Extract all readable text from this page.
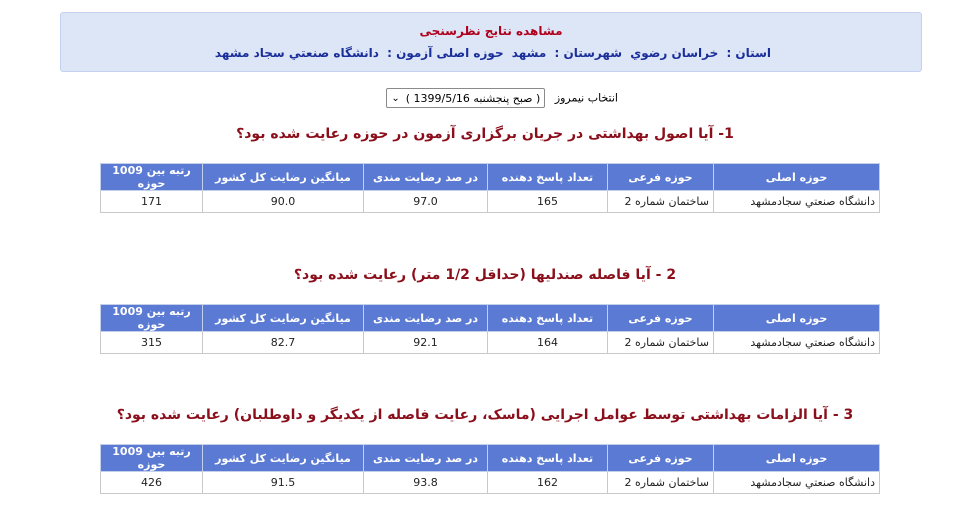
مشاهده نتايج نظرسنجی
استان : خراسان رضوي شهرستان : مشهد حوزه اصلی آزمون : دانشگاه صنعتي سجاد مشهد
انتخاب نیمروز
( صبح پنجشنبه 1399/5/16 )
⌄
1- آیا اصول بهداشتی در جریان برگزاری آزمون در حوزه رعایت شده بود؟
حوزه اصلی	حوزه فرعی	تعداد پاسخ دهنده	در صد رضایت مندی	میانگین رضایت کل کشور	رتبه بین 1009 حوزه
دانشگاه صنعتي سجادمشهد	ساختمان شماره 2	165	97.0	90.0	171
2 - آیا فاصله صندلیها (حداقل 1/2 متر) رعایت شده بود؟
حوزه اصلی	حوزه فرعی	تعداد پاسخ دهنده	در صد رضایت مندی	میانگین رضایت کل کشور	رتبه بین 1009 حوزه
دانشگاه صنعتي سجادمشهد	ساختمان شماره 2	164	92.1	82.7	315
3 - آیا الزامات بهداشتی توسط عوامل اجرایی (ماسک، رعایت فاصله از یکدیگر و داوطلبان) رعایت شده بود؟
حوزه اصلی	حوزه فرعی	تعداد پاسخ دهنده	در صد رضایت مندی	میانگین رضایت کل کشور	رتبه بین 1009 حوزه
دانشگاه صنعتي سجادمشهد	ساختمان شماره 2	162	93.8	91.5	426
